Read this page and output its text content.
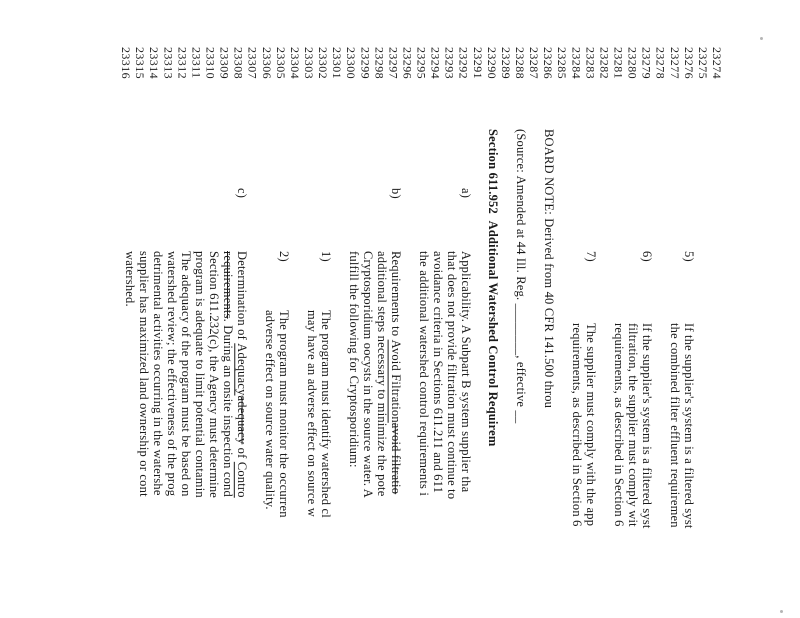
23274
23275
23276
23277
23278
23279
23280
23281
23282
23283
23284
23285
23286
23287
23288
23289
23290
23291
23292
23293
23294
23295
23296
23297
23298
23299
23300
23301
23302
23303
23304
23305
23306
23307
23308
23309
23310
23311
23312
23313
23314
23315
23316
5)
If the supplier's system is a filtered syst
the combined filter effluent requiremen
6)
If the supplier's system is a filtered syst
filtration, the supplier must comply wit
requirements, as described in Section 6
7)
The supplier must comply with the app
requirements, as described in Section 6
BOARD NOTE: Derived from 40 CFR 141.500 throu
(Source: Amended at 44 Ill. Reg. ________, effective __
Section 611.952  Additional Watershed Control Requirem
a)
Applicability. A Subpart B system supplier tha
that does not provide filtration must continue to
avoidance criteria in Sections 611.211 and 611
the additional watershed control requirements i
b)
Requirements to Avoid Filtrationavoid filtratio
additional steps necessary to minimize the pote
Cryptosporidium oocysts in the source water. A
fulfill the following for Cryptosporidium:
1)
The program must identify watershed cl
may have an adverse effect on source w
2)
The program must monitor the occurren
adverse effect on source water quality.
c)
Determination of Adequacyadequacy of Contro
requirements. During an onsite inspection cond
Section 611.232(c), the Agency must determine
program is adequate to limit potential contamin
The adequacy of the program must be based on
watershed review; the effectiveness of the prog
detrimental activities occurring in the watershe
supplier has maximized land ownership or cont
watershed.
